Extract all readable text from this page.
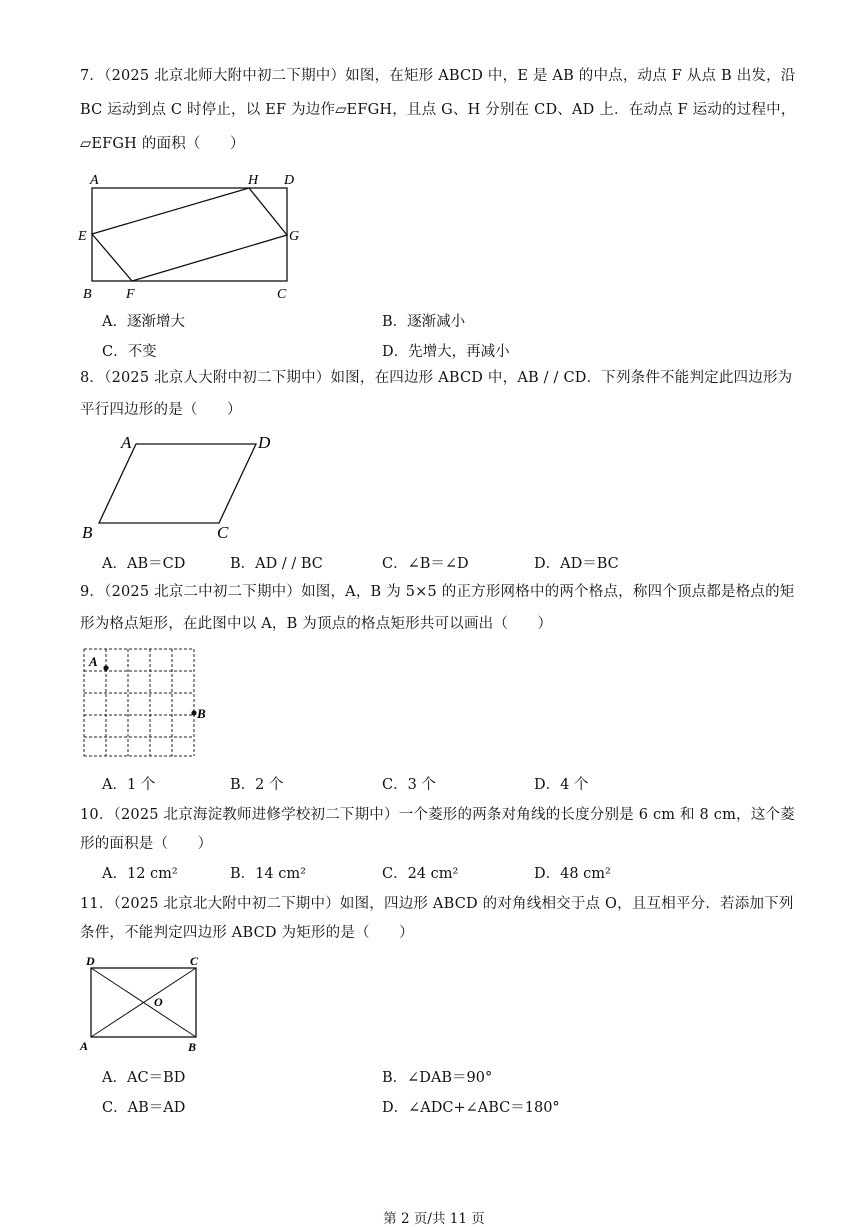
7．（2025 北京北师大附中初二下期中）如图，在矩形 ABCD 中，E 是 AB 的中点，动点 F 从点 B 出发，沿
BC 运动到点 C 时停止，以 EF 为边作▱EFGH，且点 G、H 分别在 CD、AD 上．在动点 F 运动的过程中，
▱EFGH 的面积（　　）
A	H D
E	G
B F	C
A．逐渐增大	B．逐渐减小
C．不变	D．先增大，再减小
8．（2025 北京人大附中初二下期中）如图，在四边形 ABCD 中，AB / / CD．下列条件不能判定此四边形为
平行四边形的是（　　）
A	D
B	C
A．AB＝CD	B．AD / / BC	C．∠B＝∠D	D．AD＝BC
9．（2025 北京二中初二下期中）如图，A，B 为 5×5 的正方形网格中的两个格点，称四个顶点都是格点的矩
形为格点矩形，在此图中以 A，B 为顶点的格点矩形共可以画出（　　）
A
B
A．1 个	B．2 个	C．3 个	D．4 个
10．（2025 北京海淀教师进修学校初二下期中）一个菱形的两条对角线的长度分别是 6 cm 和 8 cm，这个菱
形的面积是（　　）
A．12 cm²	B．14 cm²	C．24 cm²	D．48 cm²
11．（2025 北京北大附中初二下期中）如图，四边形 ABCD 的对角线相交于点 O，且互相平分．若添加下列
条件，不能判定四边形 ABCD 为矩形的是（　　）
D	C
O
A	B
A．AC＝BD	B．∠DAB＝90°
C．AB＝AD	D．∠ADC+∠ABC＝180°
第 2 页/共 11 页
